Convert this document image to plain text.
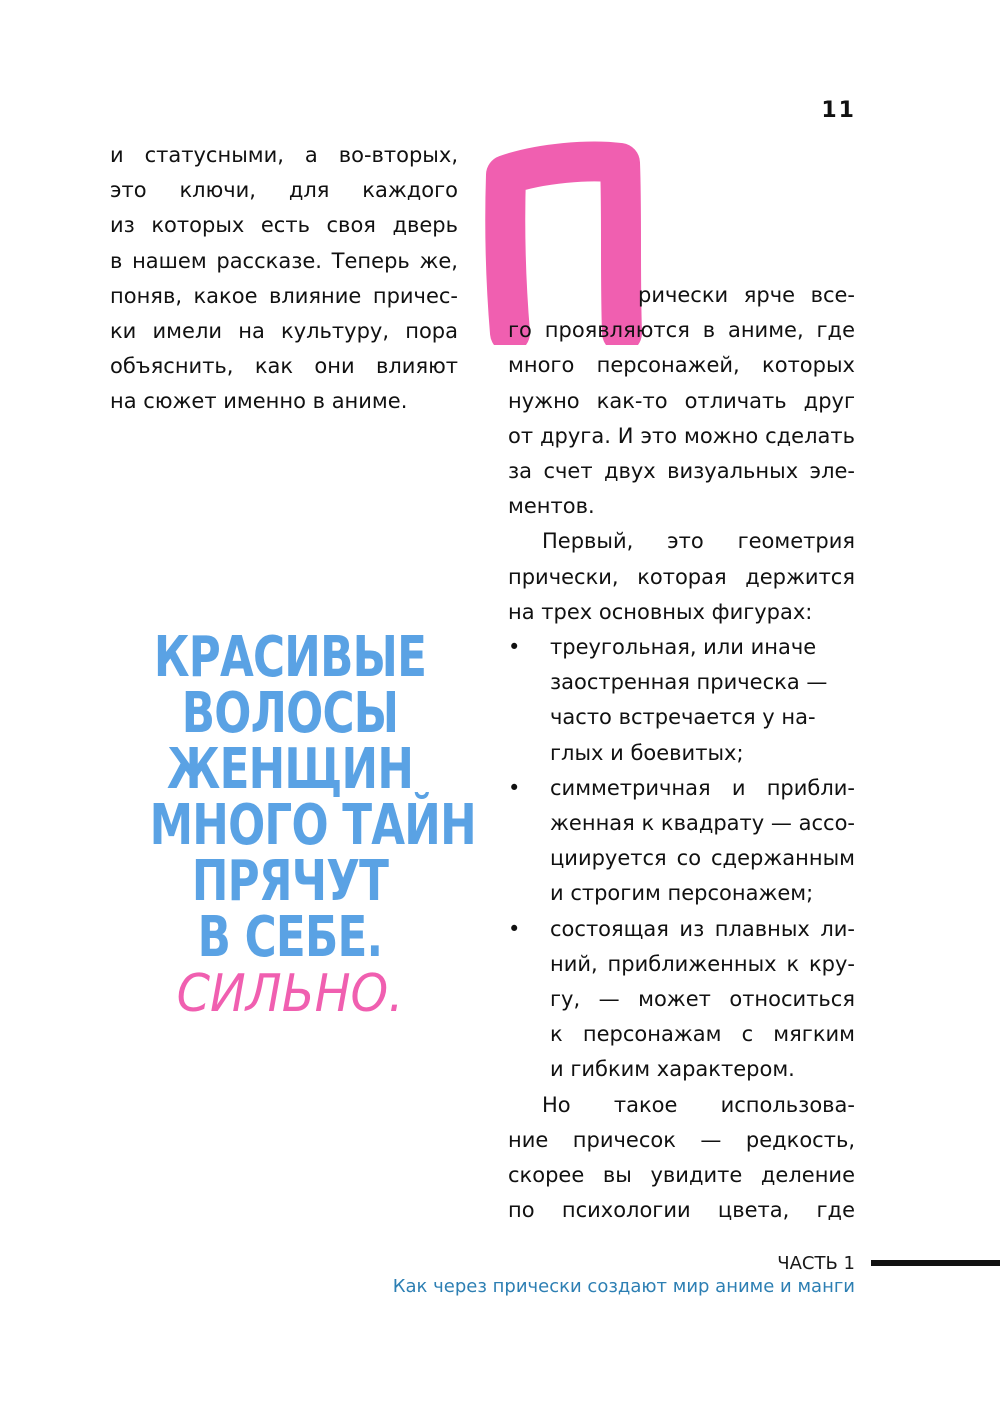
11
и статусными, а во-вторых,
это ключи, для каждого
из которых есть своя дверь
в нашем рассказе. Теперь же,
поняв, какое влияние причес-
ки имели на культуру, пора
объяснить, как они влияют
на сюжет именно в аниме.
КРАСИВЫЕ
ВОЛОСЫ
ЖЕНЩИН
МНОГО ТАЙН
ПРЯЧУТ
В СЕБЕ.
СИЛЬНО.
рически ярче все-
го проявляются в аниме, где
много персонажей, которых
нужно как-то отличать друг
от друга. И это можно сделать
за счет двух визуальных эле-
ментов.
Первый, это геометрия
прически, которая держится
на трех основных фигурах:
•	треугольная, или иначе
заостренная прическа —
часто встречается у на-
глых и боевитых;
•	симметричная и прибли-
женная к квадрату — ассо-
циируется со сдержанным
и строгим персонажем;
•	состоящая из плавных ли-
ний, приближенных к кру-
гу, — может относиться
к персонажам с мягким
и гибким характером.
Но такое использова-
ние причесок — редкость,
скорее вы увидите деление
по психологии цвета, где
ЧАСТЬ 1
Как через прически создают мир аниме и манги
